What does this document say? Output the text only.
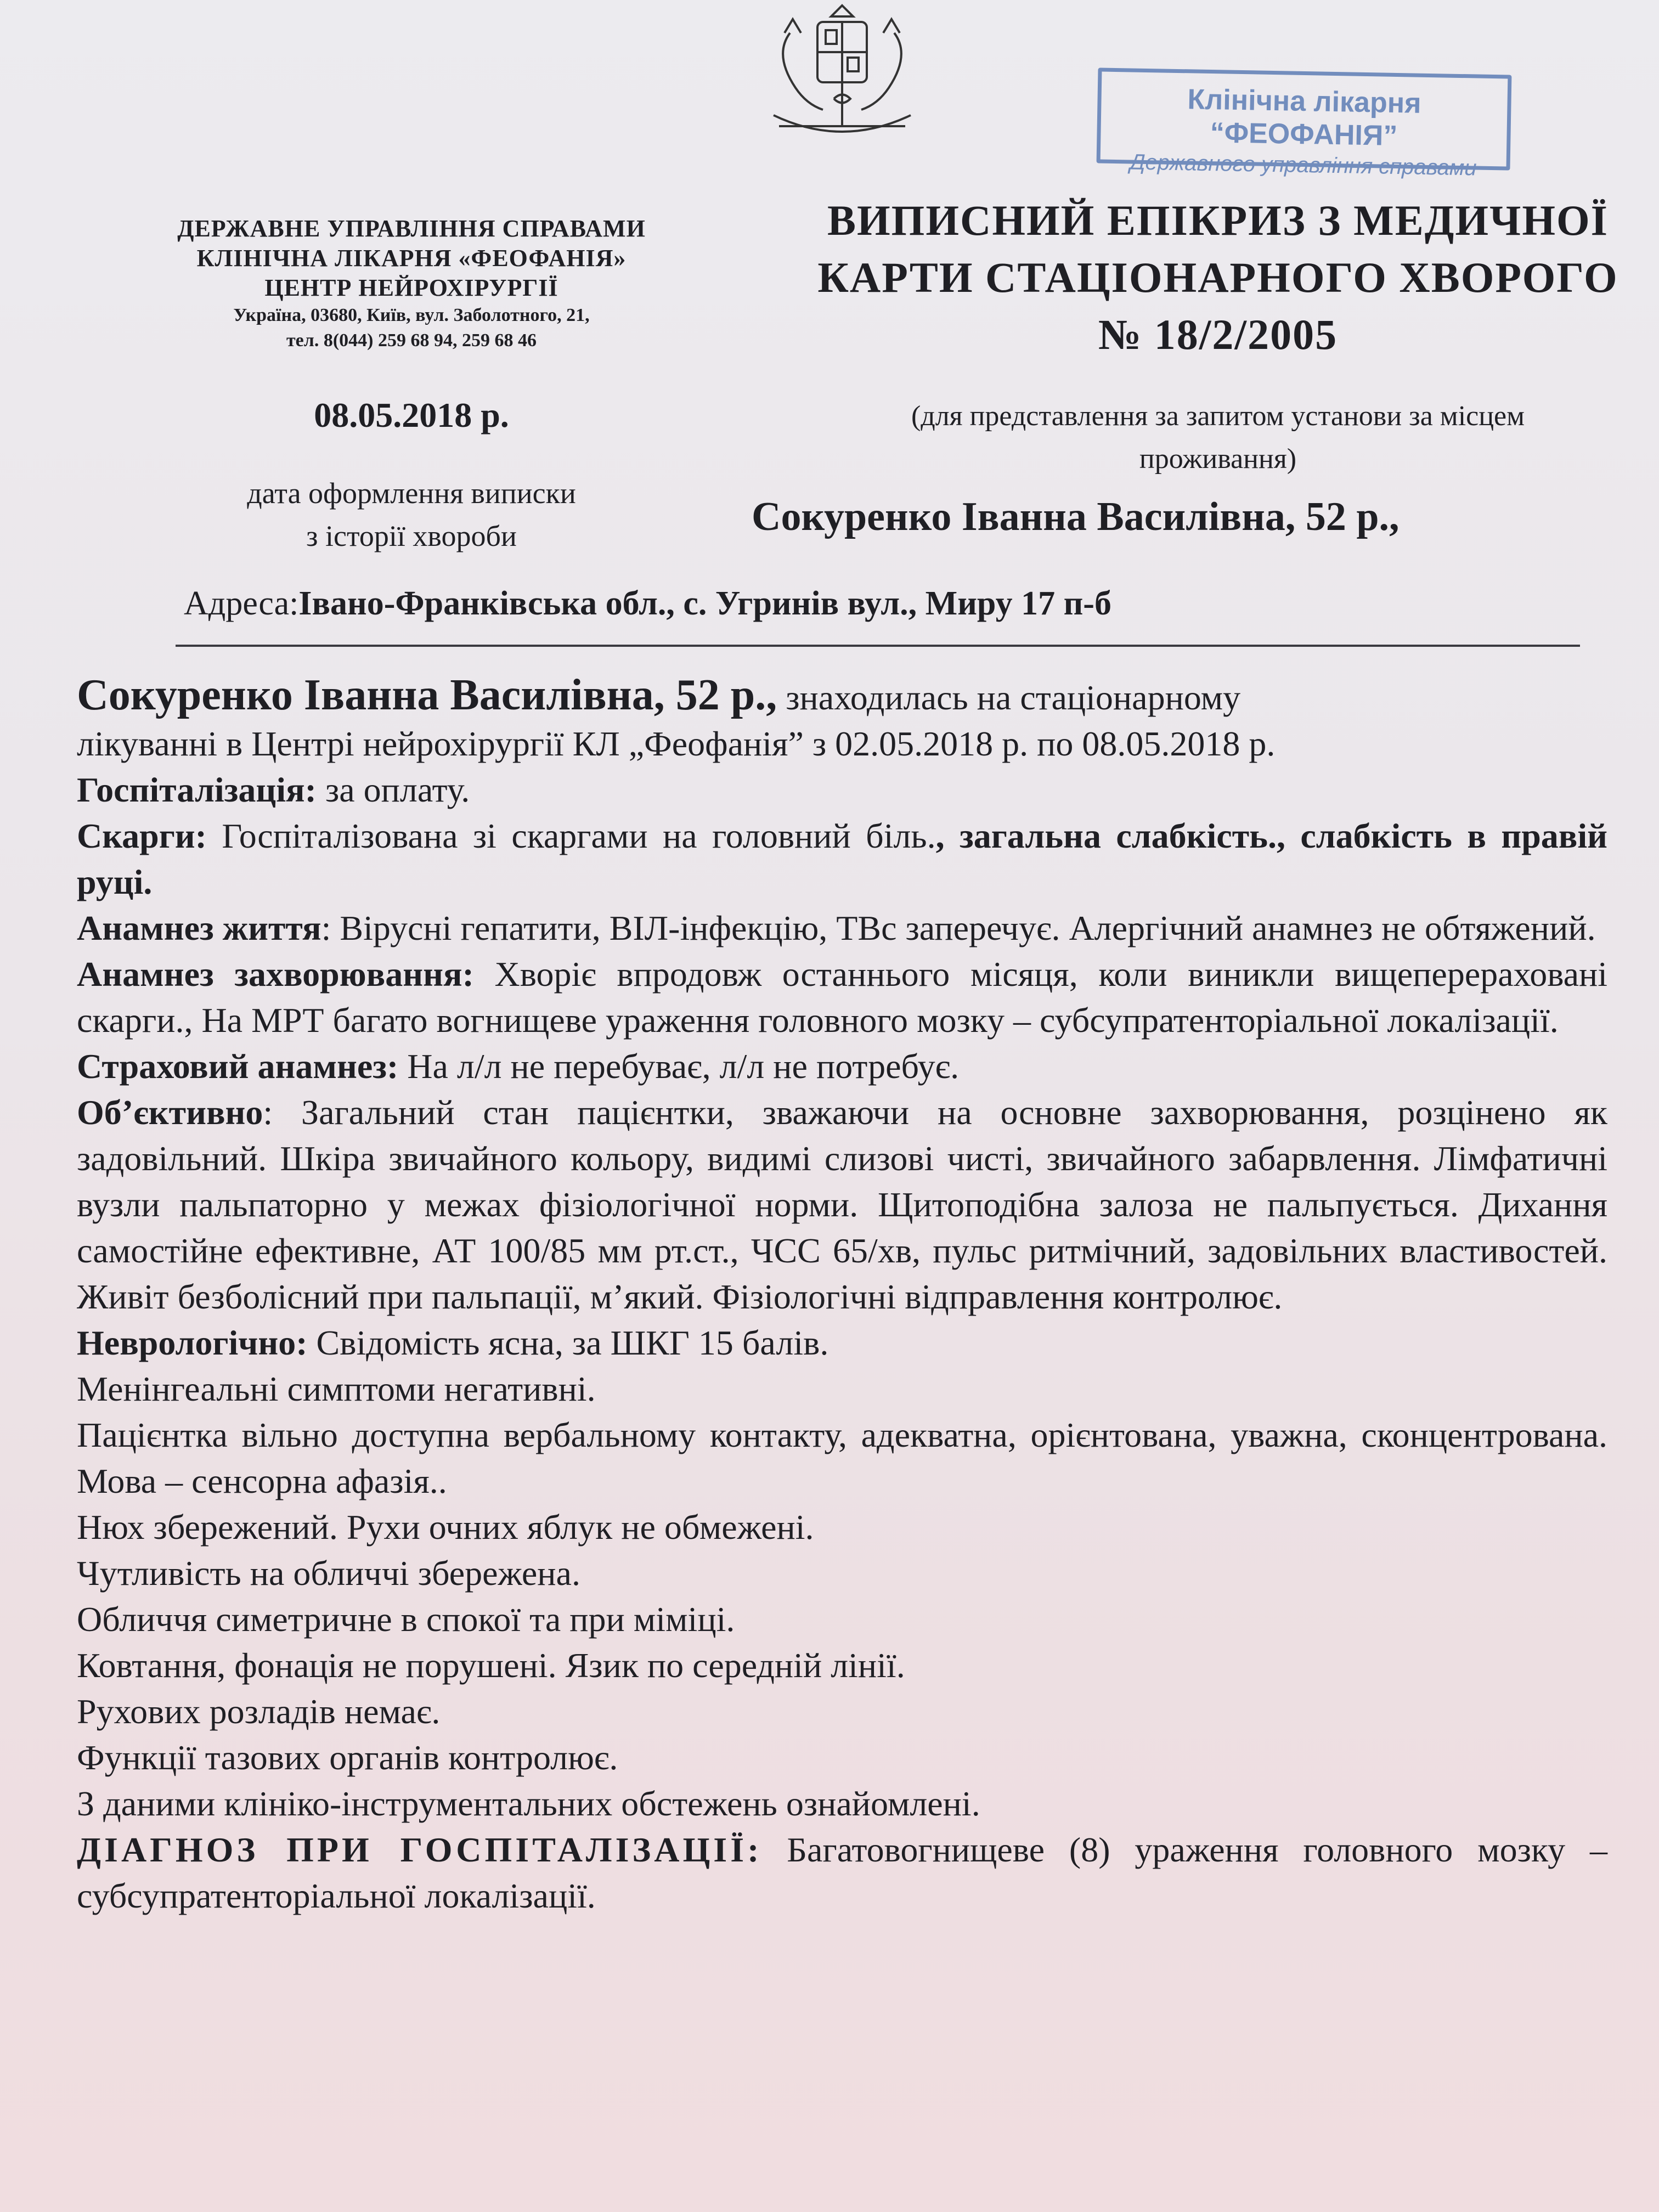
Клінічна лікарня “ФЕОФАНІЯ”
Державного управління справами
ДЕРЖАВНЕ УПРАВЛІННЯ СПРАВАМИ
КЛІНІЧНА ЛІКАРНЯ «ФЕОФАНІЯ»
ЦЕНТР НЕЙРОХІРУРГІЇ
Україна, 03680, Київ, вул. Заболотного, 21,
тел. 8(044) 259 68 94, 259 68 46
08.05.2018 р.
дата оформлення виписки
з історії хвороби
ВИПИСНИЙ ЕПІКРИЗ З МЕДИЧНОЇ
КАРТИ СТАЦІОНАРНОГО ХВОРОГО
№ 18/2/2005
(для представлення за запитом установи за місцем
проживання)
Сокуренко Іванна Василівна, 52 р.,
Адреса:Івано-Франківська обл., с. Угринів вул., Миру 17 п-б

Сокуренко Іванна Василівна, 52 р., знаходилась на стаціонарному
лікуванні в Центрі нейрохірургії КЛ „Феофанія” з 02.05.2018 р. по 08.05.2018 р.

Госпіталізація: за оплату.

Скарги: Госпіталізована зі скаргами на головний біль., загальна слабкість., слабкість в правій руці.

Анамнез життя: Вірусні гепатити, ВІЛ-інфекцію, ТВс заперечує. Алергічний анамнез не обтяжений.

Анамнез захворювання: Хворіє впродовж останнього місяця, коли виникли вищеперераховані скарги., На МРТ багато вогнищеве ураження головного мозку – субсупратенторіальної локалізації.

Страховий анамнез: На л/л не перебуває, л/л не потребує.

Об’єктивно: Загальний стан пацієнтки, зважаючи на основне захворювання, розцінено як задовільний. Шкіра звичайного кольору, видимі слизові чисті, звичайного забарвлення. Лімфатичні вузли пальпаторно у межах фізіологічної норми. Щитоподібна залоза не пальпується. Дихання самостійне ефективне, АТ 100/85 мм рт.ст., ЧСС 65/хв, пульс ритмічний, задовільних властивостей. Живіт безболісний при пальпації, м’який. Фізіологічні відправлення контролює.

Неврологічно: Свідомість ясна, за ШКГ 15 балів.

Менінгеальні симптоми негативні.

Пацієнтка вільно доступна вербальному контакту, адекватна, орієнтована, уважна, сконцентрована. Мова – сенсорна афазія..

Нюх збережений. Рухи очних яблук не обмежені.

Чутливість на обличчі збережена.

Обличчя симетричне в спокої та при міміці.

Ковтання, фонація не порушені. Язик по середній лінії.

Рухових розладів немає.

Функції тазових органів контролює.

З даними клініко-інструментальних обстежень ознайомлені.

ДІАГНОЗ ПРИ ГОСПІТАЛІЗАЦІЇ: Багатовогнищеве (8) ураження головного мозку – субсупратенторіальної локалізації.
